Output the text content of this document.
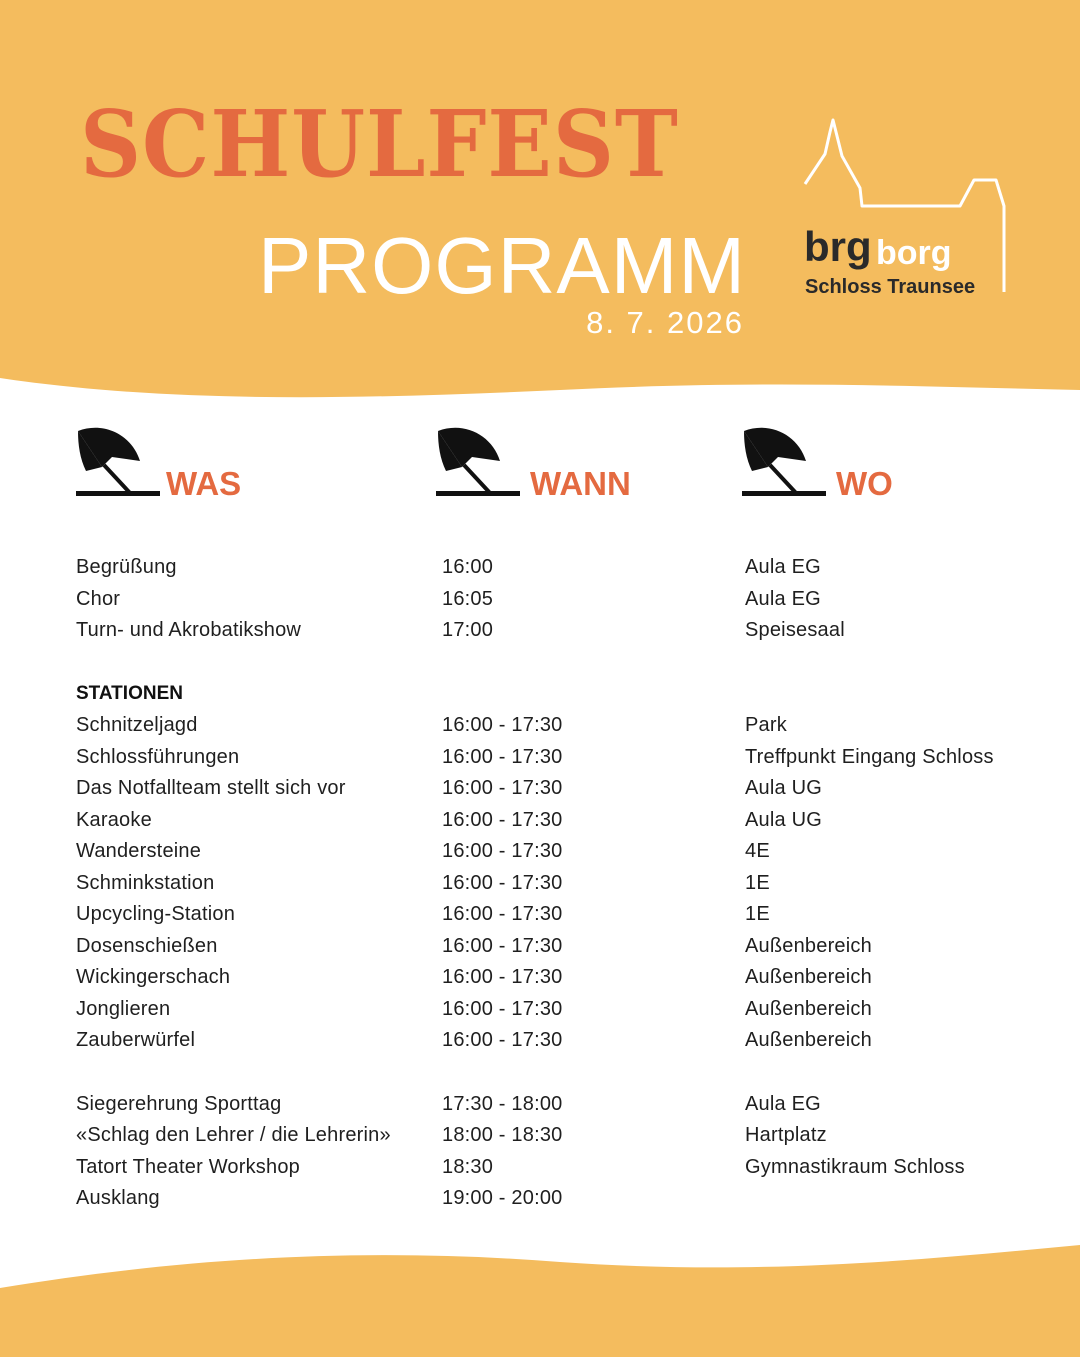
SCHULFEST
PROGRAMM
8. 7. 2026
brg borg
Schloss Traunsee
WAS	WANN	WO
Begrüßung	16:00	Aula EG
Chor	16:05	Aula EG
Turn- und Akrobatikshow	17:00	Speisesaal
STATIONEN
Schnitzeljagd	16:00 - 17:30	Park
Schlossführungen	16:00 - 17:30	Treffpunkt Eingang Schloss
Das Notfallteam stellt sich vor	16:00 - 17:30	Aula UG
Karaoke	16:00 - 17:30	Aula UG
Wandersteine	16:00 - 17:30	4E
Schminkstation	16:00 - 17:30	1E
Upcycling-Station	16:00 - 17:30	1E
Dosenschießen	16:00 - 17:30	Außenbereich
Wickingerschach	16:00 - 17:30	Außenbereich
Jonglieren	16:00 - 17:30	Außenbereich
Zauberwürfel	16:00 - 17:30	Außenbereich
Siegerehrung Sporttag	17:30 - 18:00	Aula EG
«Schlag den Lehrer / die Lehrerin»	18:00 - 18:30	Hartplatz
Tatort Theater Workshop	18:30	Gymnastikraum Schloss
Ausklang	19:00 - 20:00
